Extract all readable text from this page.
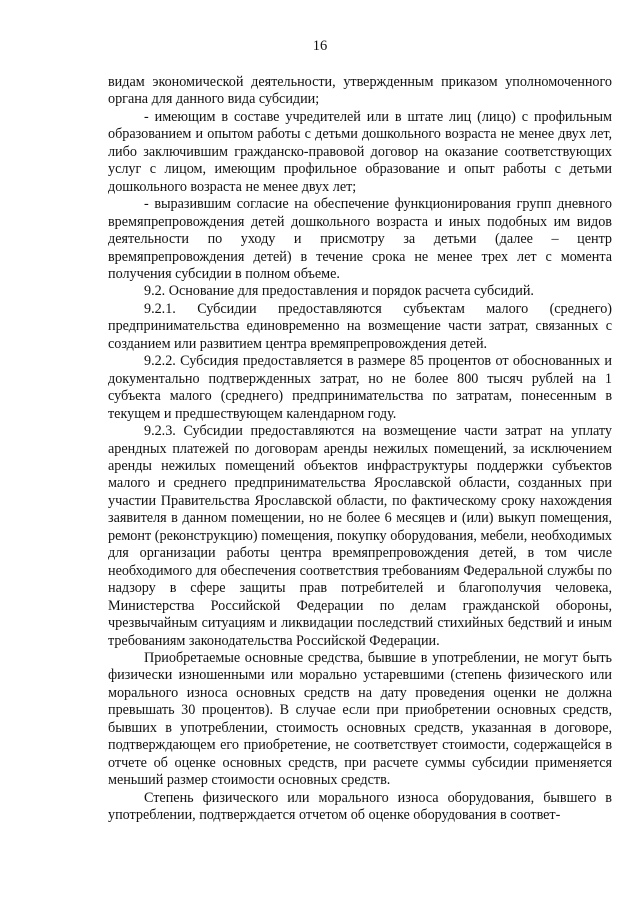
16

видам экономической деятельности, утвержденным приказом уполномоченного органа для данного вида субсидии;

- имеющим в составе учредителей или в штате лиц (лицо) с профильным образованием и опытом работы с детьми дошкольного возраста не менее двух лет, либо заключившим гражданско-правовой договор на оказание соответствующих услуг с лицом, имеющим профильное образование и опыт работы с детьми дошкольного возраста не менее двух лет;

- выразившим согласие на обеспечение функционирования групп дневного времяпрепровождения детей дошкольного возраста и иных подобных им видов деятельности по уходу и присмотру за детьми (далее – центр времяпрепровождения детей) в течение срока не менее трех лет с момента получения субсидии в полном объеме.

9.2. Основание для предоставления и порядок расчета субсидий.

9.2.1. Субсидии предоставляются субъектам малого (среднего) предпринимательства единовременно на возмещение части затрат, связанных с созданием или развитием центра времяпрепровождения детей.

9.2.2. Субсидия предоставляется в размере 85 процентов от обоснованных и документально подтвержденных затрат, но не более 800 тысяч рублей на 1 субъекта малого (среднего) предпринимательства по затратам, понесенным в текущем и предшествующем календарном году.

9.2.3. Субсидии предоставляются на возмещение части затрат на уплату арендных платежей по договорам аренды нежилых помещений, за исключением аренды нежилых помещений объектов инфраструктуры поддержки субъектов малого и среднего предпринимательства Ярославской области, созданных при участии Правительства Ярославской области, по фактическому сроку нахождения заявителя в данном помещении, но не более 6 месяцев и (или) выкуп помещения, ремонт (реконструкцию) помещения, покупку оборудования, мебели, необходимых для организации работы центра времяпрепровождения детей, в том числе необходимого для обеспечения соответствия требованиям Федеральной службы по надзору в сфере защиты прав потребителей и благополучия человека, Министерства Российской Федерации по делам гражданской обороны, чрезвычайным ситуациям и ликвидации последствий стихийных бедствий и иным требованиям законодательства Российской Федерации.

Приобретаемые основные средства, бывшие в употреблении, не могут быть физически изношенными или морально устаревшими (степень физического или морального износа основных средств на дату проведения оценки не должна превышать 30 процентов). В случае если при приобретении основных средств, бывших в употреблении, стоимость основных средств, указанная в договоре, подтверждающем его приобретение, не соответствует стоимости, содержащейся в отчете об оценке основных средств, при расчете суммы субсидии применяется меньший размер стоимости основных средств.

Степень физического или морального износа оборудования, бывшего в употреблении, подтверждается отчетом об оценке оборудования в соответ-
